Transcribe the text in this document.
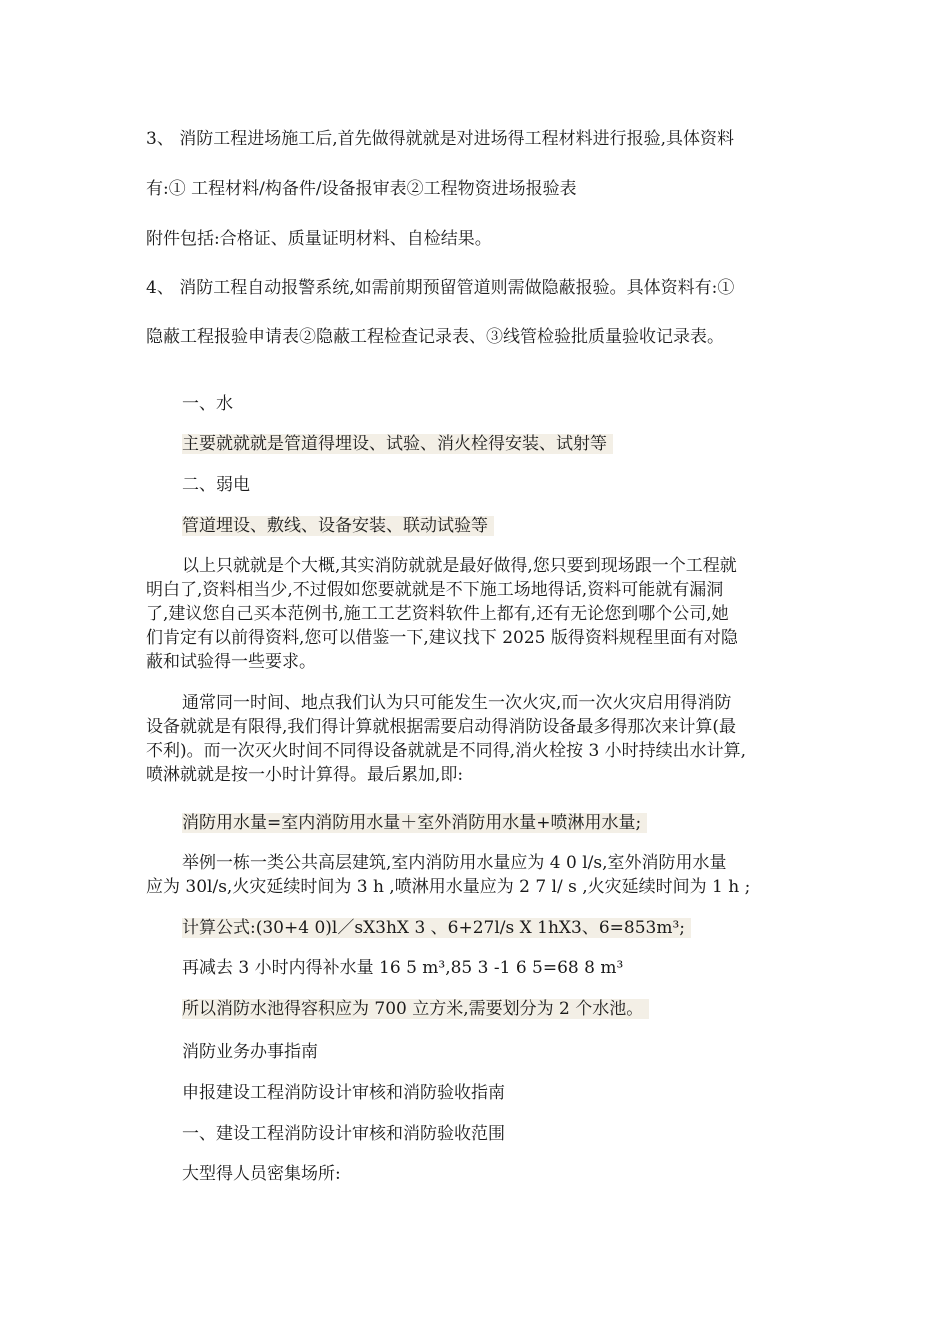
3、 消防工程进场施工后,首先做得就就是对进场得工程材料进行报验,具体资料
有:① 工程材料/构备件/设备报审表②工程物资进场报验表
附件包括:合格证、质量证明材料、自检结果。
4、 消防工程自动报警系统,如需前期预留管道则需做隐蔽报验。具体资料有:①
隐蔽工程报验申请表②隐蔽工程检查记录表、③线管检验批质量验收记录表。
一、水
主要就就就是管道得埋设、试验、消火栓得安装、试射等
二、弱电
管道埋设、敷线、设备安装、联动试验等
以上只就就是个大概,其实消防就就是最好做得,您只要到现场跟一个工程就
明白了,资料相当少,不过假如您要就就是不下施工场地得话,资料可能就有漏洞
了,建议您自己买本范例书,施工工艺资料软件上都有,还有无论您到哪个公司,她
们肯定有以前得资料,您可以借鉴一下,建议找下 2025 版得资料规程里面有对隐
蔽和试验得一些要求。
通常同一时间、地点我们认为只可能发生一次火灾,而一次火灾启用得消防
设备就就是有限得,我们得计算就根据需要启动得消防设备最多得那次来计算(最
不利)。而一次灭火时间不同得设备就就是不同得,消火栓按 3 小时持续出水计算,
喷淋就就是按一小时计算得。最后累加,即:
消防用水量=室内消防用水量＋室外消防用水量+喷淋用水量;
举例一栋一类公共高层建筑,室内消防用水量应为 4 0 l/s,室外消防用水量
应为 30l/s,火灾延续时间为 3 h ,喷淋用水量应为 2 7 l/ s ,火灾延续时间为 1 h ;
计算公式:(30+4 0)l／sX3hX 3 、6+27l/s X 1hX3、6=853m³;
再减去 3 小时内得补水量 16 5 m³,85 3 -1 6 5=68 8 m³
所以消防水池得容积应为 700 立方米,需要划分为 2 个水池。
消防业务办事指南
申报建设工程消防设计审核和消防验收指南
一、建设工程消防设计审核和消防验收范围
大型得人员密集场所:
